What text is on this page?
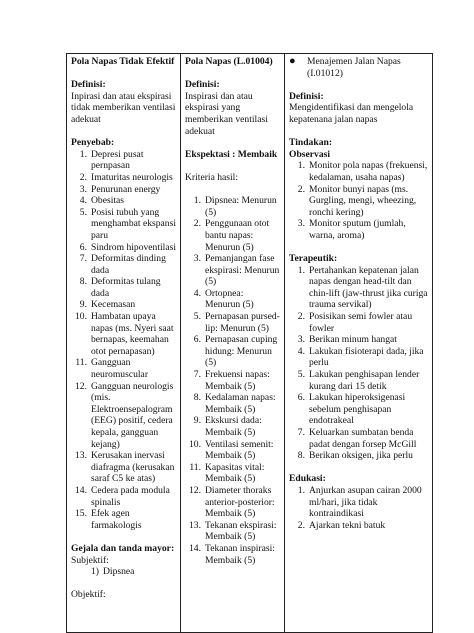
Pola Napas Tidak Efektif
Definisi:
Inpirasi dan atau ekspirasi tidak memberikan ventilasi adekuat
Penyebab:
1. Depresi pusat pernpasan
2. Imaturitas neurologis
3. Penurunan energy
4. Obesitas
5. Posisi tubuh yang menghambat ekspansi paru
6. Sindrom hipoventilasi
7. Deformitas dinding dada
8. Deformitas tulang dada
9. Kecemasan
10. Hambatan upaya napas (ms. Nyeri saat bernapas, keemahan otot pernapasan)
11. Gangguan neuromuscular
12. Gangguan neurologis (mis. Elektroensepalogram (EEG) positif, cedera kepala, gangguan kejang)
13. Kerusakan inervasi diafragma (kerusakan saraf C5 ke atas)
14. Cedera pada modula spinalis
15. Efek agen farmakologis
Gejala dan tanda mayor:
Subjektif:
1) Dipsnea
Objektif:

Pola Napas (L.01004)
Definisi:
Inspirasi dan atau ekspirasi yang memberikan ventilasi adekuat
Ekspektasi : Membaik
Kriteria hasil:
1. Dipsnea: Menurun (5)
2. Penggunaan otot bantu napas: Menurun (5)
3. Pemanjangan fase ekspirasi: Menurun (5)
4. Ortopnea: Menurun (5)
5. Pernapasan pursed-lip: Menurun (5)
6. Pernapasan cuping hidung: Menurun (5)
7. Frekuensi napas: Membaik (5)
8. Kedalaman napas: Membaik (5)
9. Ekskursi dada: Membaik (5)
10. Ventilasi semenit: Membaik (5)
11. Kapasitas vital: Membaik (5)
12. Diameter thoraks anterior-posterior: Membaik (5)
13. Tekanan ekspirasi: Membaik (5)
14. Tekanan inspirasi: Membaik (5)

●	Menajemen Jalan Napas (I.01012)
Definisi:
Mengidentifikasi dan mengelola kepatenana jalan napas
Tindakan:
Observasi
1. Monitor pola napas (frekuensi, kedalaman, usaha napas)
2. Monitor bunyi napas (ms. Gurgling, mengi, wheezing, ronchi kering)
3. Monitor sputum (jumlah, warna, aroma)
Terapeutik:
1. Pertahankan kepatenan jalan napas dengan head-tilt dan chin-lift (jaw-thrust jika curiga trauma servikal)
2. Posisikan semi fowler atau fowler
3. Berikan minum hangat
4. Lakukan fisioterapi dada, jika perlu
5. Lakukan penghisapan lender kurang dari 15 detik
6. Lakukan hiperoksigenasi sebelum penghisapan endotrakeal
7. Keluarkan sumbatan benda padat dengan forsep McGill
8. Berikan oksigen, jika perlu
Edukasi:
1. Anjurkan asupan cairan 2000 ml/hari, jika tidak kontraindikasi
2. Ajarkan tekni batuk
